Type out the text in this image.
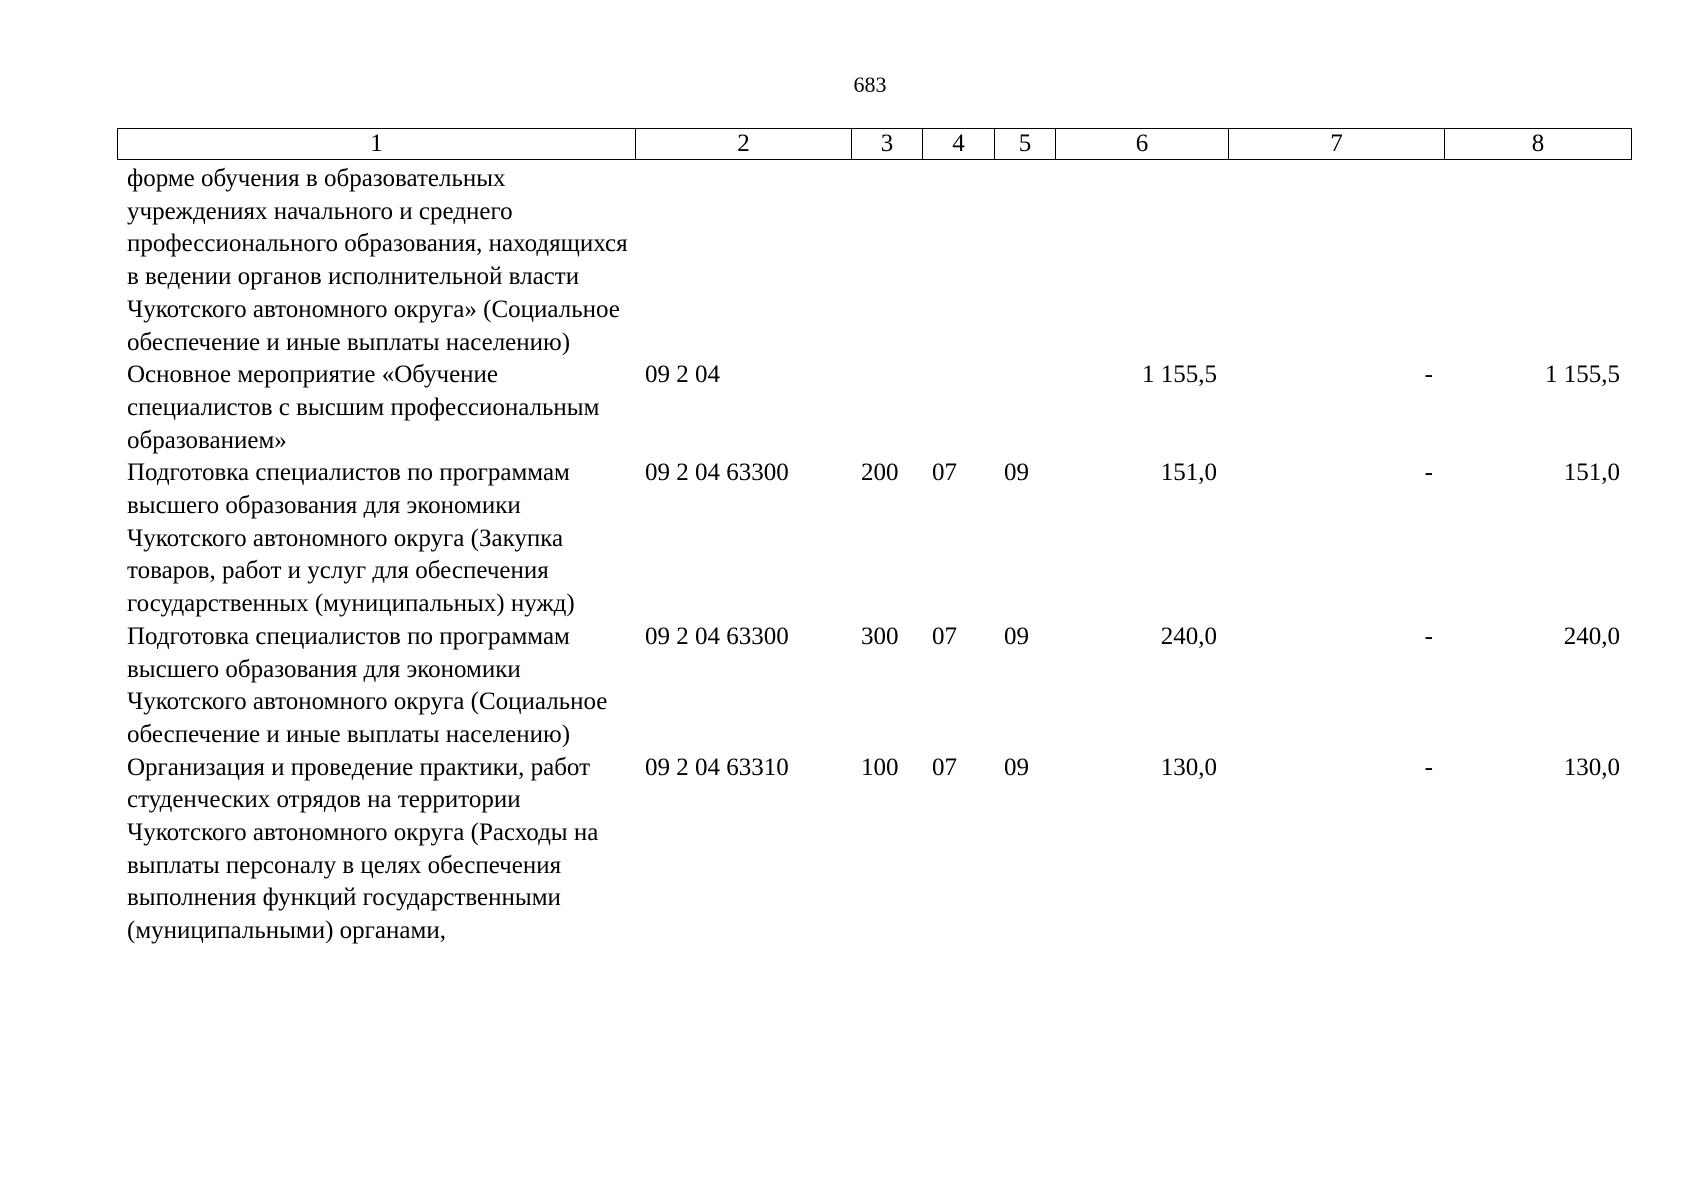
683
1	2	3	4	5	6	7	8
форме обучения в образовательных учреждениях начального и среднего профессионального образования, находящихся в ведении органов исполнительной власти Чукотского автономного округа» (Социальное обеспечение и иные выплаты населению)							
Основное мероприятие «Обучение специалистов с высшим профессиональным образованием»	09 2 04				1 155,5	-	1 155,5
Подготовка специалистов по программам высшего образования для экономики Чукотского автономного округа (Закупка товаров, работ и услуг для обеспечения государственных (муниципальных) нужд)	09 2 04 63300	200	07	09	151,0	-	151,0
Подготовка специалистов по программам высшего образования для экономики Чукотского автономного округа (Социальное обеспечение и иные выплаты населению)	09 2 04 63300	300	07	09	240,0	-	240,0
Организация и проведение практики, работ студенческих отрядов на территории Чукотского автономного округа (Расходы на выплаты персоналу в целях обеспечения выполнения функций государственными (муниципальными) органами,	09 2 04 63310	100	07	09	130,0	-	130,0
